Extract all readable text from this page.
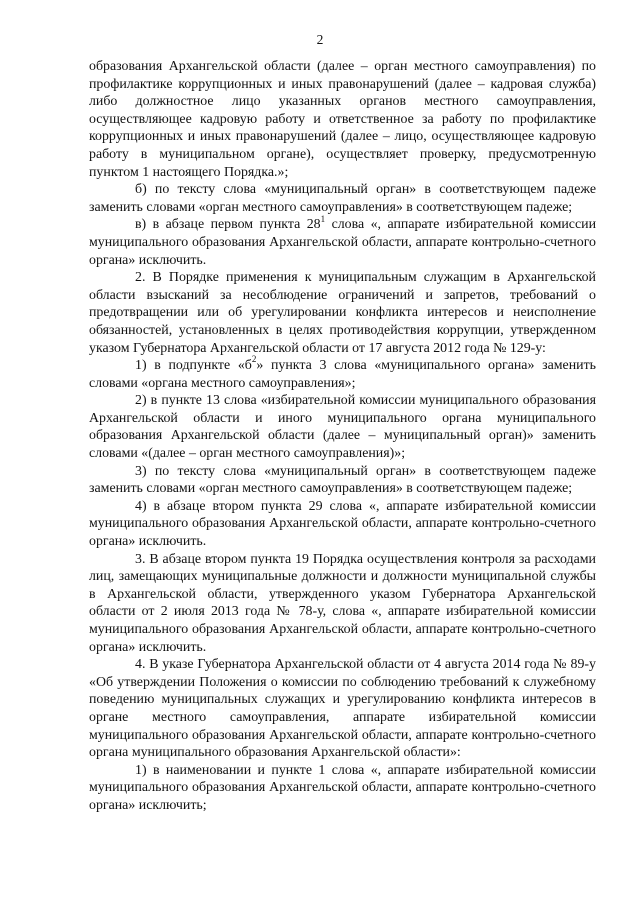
2

образования Архангельской области (далее – орган местного самоуправления) по профилактике коррупционных и иных правонарушений (далее – кадровая служба) либо должностное лицо указанных органов местного самоуправления, осуществляющее кадровую работу и ответственное за работу по профилактике коррупционных и иных правонарушений (далее – лицо, осуществляющее кадровую работу в муниципальном органе), осуществляет проверку, предусмотренную пунктом 1 настоящего Порядка.»;

б) по тексту слова «муниципальный орган» в соответствующем падеже заменить словами «орган местного самоуправления» в соответствующем падеже;

в) в абзаце первом пункта $28^1$ слова «, аппарате избирательной комиссии муниципального образования Архангельской области, аппарате контрольно-счетного органа» исключить.

2. В Порядке применения к муниципальным служащим в Архангельской области взысканий за несоблюдение ограничений и запретов, требований о предотвращении или об урегулировании конфликта интересов и неисполнение обязанностей, установленных в целях противодействия коррупции, утвержденном указом Губернатора Архангельской области от 17 августа 2012 года № 129-у:

1) в подпункте «$б^2$» пункта 3 слова «муниципального органа» заменить словами «органа местного самоуправления»;

2) в пункте 13 слова «избирательной комиссии муниципального образования Архангельской области и иного муниципального органа муниципального образования Архангельской области (далее – муниципальный орган)» заменить словами «(далее – орган местного самоуправления)»;

3) по тексту слова «муниципальный орган» в соответствующем падеже заменить словами «орган местного самоуправления» в соответствующем падеже;

4) в абзаце втором пункта 29 слова «, аппарате избирательной комиссии муниципального образования Архангельской области, аппарате контрольно-счетного органа» исключить.

3. В абзаце втором пункта 19 Порядка осуществления контроля за расходами лиц, замещающих муниципальные должности и должности муниципальной службы в Архангельской области, утвержденного указом Губернатора Архангельской области от 2 июля 2013 года № 78-у, слова «, аппарате избирательной комиссии муниципального образования Архангельской области, аппарате контрольно-счетного органа» исключить.

4. В указе Губернатора Архангельской области от 4 августа 2014 года № 89-у «Об утверждении Положения о комиссии по соблюдению требований к служебному поведению муниципальных служащих и урегулированию конфликта интересов в органе местного самоуправления, аппарате избирательной комиссии муниципального образования Архангельской области, аппарате контрольно-счетного органа муниципального образования Архангельской области»:

1) в наименовании и пункте 1 слова «, аппарате избирательной комиссии муниципального образования Архангельской области, аппарате контрольно-счетного органа» исключить;
